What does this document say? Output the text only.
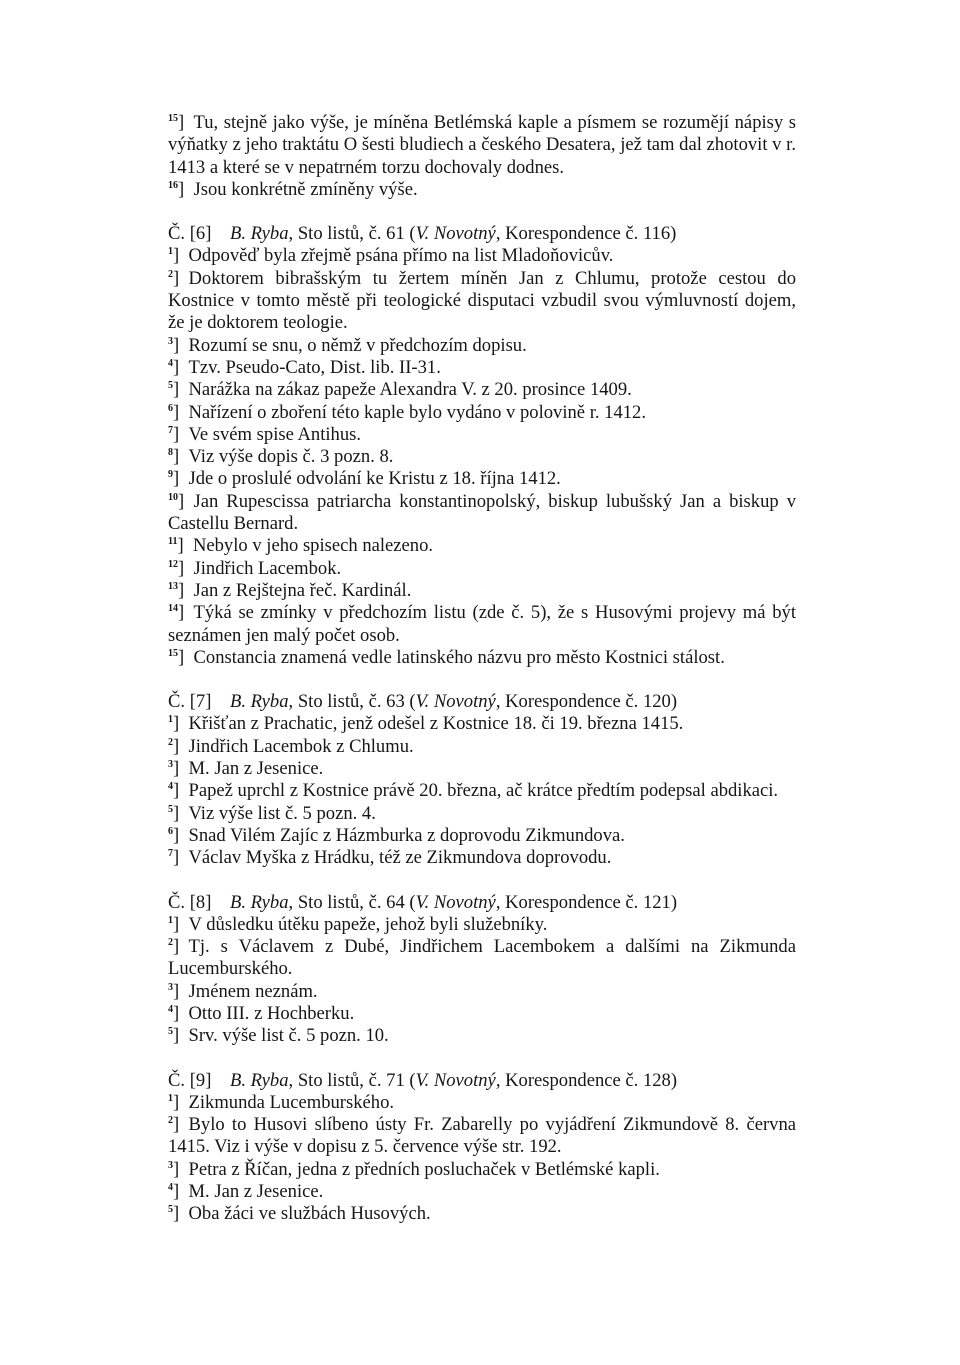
$^{15}$] Tu, stejně jako výše, je míněna Betlémská kaple a písmem se rozumějí nápisy s výňatky z jeho traktátu O šesti bludiech a českého Desatera, jež tam dal zhotovit v r. 1413 a které se v nepatrném torzu dochovaly dodnes.

$^{16}$] Jsou konkrétně zmíněny výše.

Č. [6]  B. Ryba, Sto listů, č. 61 (V. Novotný, Korespondence č. 116)

$^1$] Odpověď byla zřejmě psána přímo na list Mladoňovicův.

$^2$] Doktorem bibrašským tu žertem míněn Jan z Chlumu, protože cestou do Kostnice v tomto městě při teologické disputaci vzbudil svou výmluvností dojem, že je doktorem teologie.

$^3$] Rozumí se snu, o němž v předchozím dopisu.

$^4$] Tzv. Pseudo-Cato, Dist. lib. II-31.

$^5$] Narážka na zákaz papeže Alexandra V. z 20. prosince 1409.

$^6$] Nařízení o zboření této kaple bylo vydáno v polovině r. 1412.

$^7$] Ve svém spise Antihus.

$^8$] Viz výše dopis č. 3 pozn. 8.

$^9$] Jde o proslulé odvolání ke Kristu z 18. října 1412.

$^{10}$] Jan Rupescissa patriarcha konstantinopolský, biskup lubušský Jan a biskup v Castellu Bernard.

$^{11}$] Nebylo v jeho spisech nalezeno.

$^{12}$] Jindřich Lacembok.

$^{13}$] Jan z Rejštejna řeč. Kardinál.

$^{14}$] Týká se zmínky v předchozím listu (zde č. 5), že s Husovými projevy má být seznámen jen malý počet osob.

$^{15}$] Constancia znamená vedle latinského názvu pro město Kostnici stálost.

Č. [7]  B. Ryba, Sto listů, č. 63 (V. Novotný, Korespondence č. 120)

$^1$] Křišťan z Prachatic, jenž odešel z Kostnice 18. či 19. března 1415.

$^2$] Jindřich Lacembok z Chlumu.

$^3$] M. Jan z Jesenice.

$^4$] Papež uprchl z Kostnice právě 20. března, ač krátce předtím podepsal abdikaci.

$^5$] Viz výše list č. 5 pozn. 4.

$^6$] Snad Vilém Zajíc z Házmburka z doprovodu Zikmundova.

$^7$] Václav Myška z Hrádku, též ze Zikmundova doprovodu.

Č. [8]  B. Ryba, Sto listů, č. 64 (V. Novotný, Korespondence č. 121)

$^1$] V důsledku útěku papeže, jehož byli služebníky.

$^2$] Tj. s Václavem z Dubé, Jindřichem Lacembokem a dalšími na Zikmunda Lucemburského.

$^3$] Jménem neznám.

$^4$] Otto III. z Hochberku.

$^5$] Srv. výše list č. 5 pozn. 10.

Č. [9]  B. Ryba, Sto listů, č. 71 (V. Novotný, Korespondence č. 128)

$^1$] Zikmunda Lucemburského.

$^2$] Bylo to Husovi slíbeno ústy Fr. Zabarelly po vyjádření Zikmundově 8. června 1415. Viz i výše v dopisu z 5. července výše str. 192.

$^3$] Petra z Říčan, jedna z předních posluchaček v Betlémské kapli.

$^4$] M. Jan z Jesenice.

$^5$] Oba žáci ve službách Husových.
